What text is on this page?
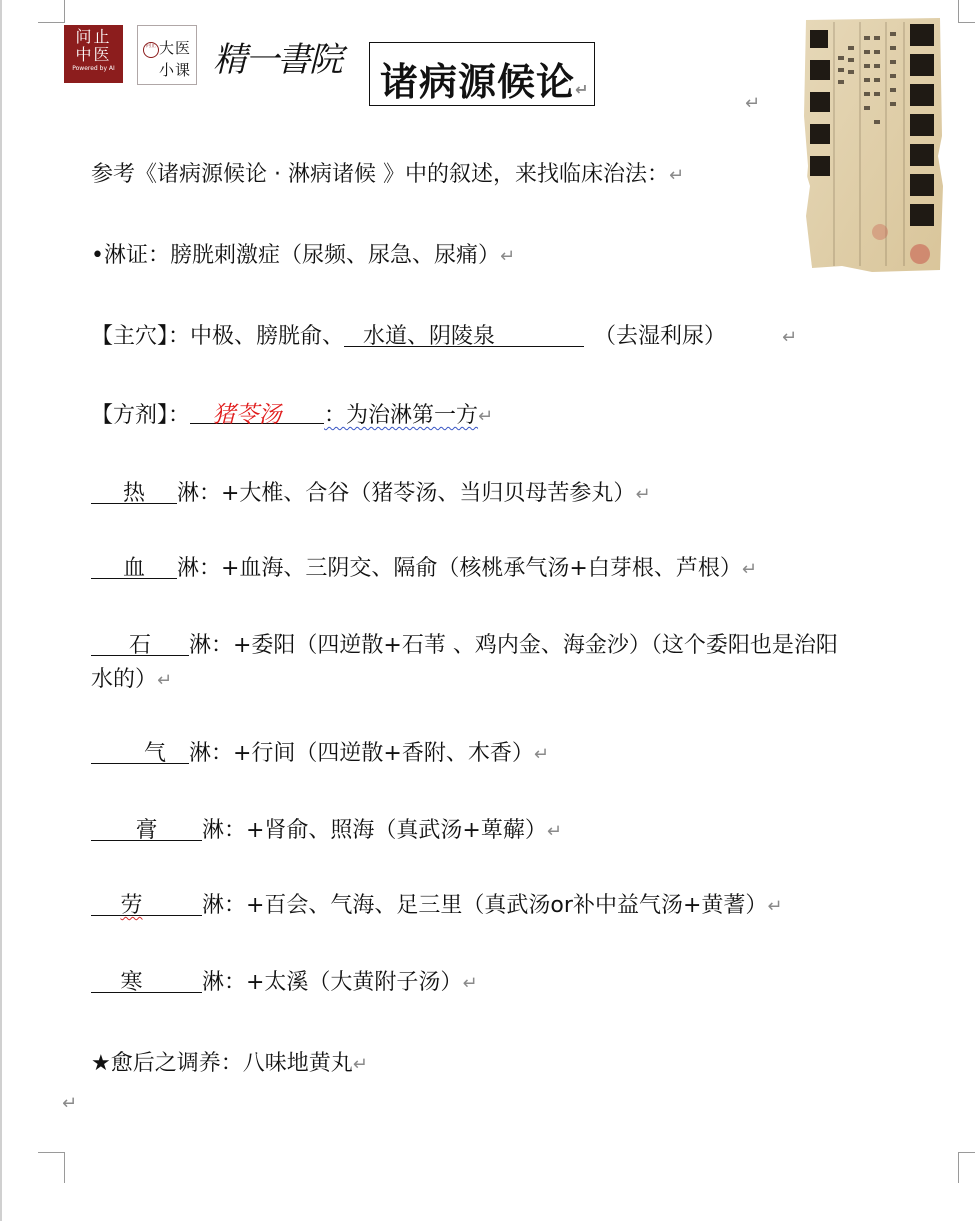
问止
中医
Powered by AI
问止 大医
小课 精一書院 诸病源候论↵
↵
参考《诸病源候论 · 淋病诸候 》中的叙述，来找临床治法：↵
•淋证：膀胱刺激症（尿频、尿急、尿痛）↵
【主穴】：中极、膀胱俞、 水道、阴陵泉	（去湿利尿）	↵
【方剂】： 猪苓汤 ：为治淋第一方↵
热 淋：+大椎、合谷（猪苓汤、当归贝母苦参丸）↵
血 淋：+血海、三阴交、隔俞（核桃承气汤+白芽根、芦根）↵
石 淋：+委阳（四逆散+石苇 、鸡内金、海金沙）（这个委阳也是治阳
水的）↵
气 淋：+行间（四逆散+香附、木香）↵
膏 淋：+肾俞、照海（真武汤+萆薢）↵
劳	淋：+百会、气海、足三里（真武汤or补中益气汤+黄蓍）↵
寒	淋：+太溪（大黄附子汤）↵
★愈后之调养：八味地黄丸↵
↵
